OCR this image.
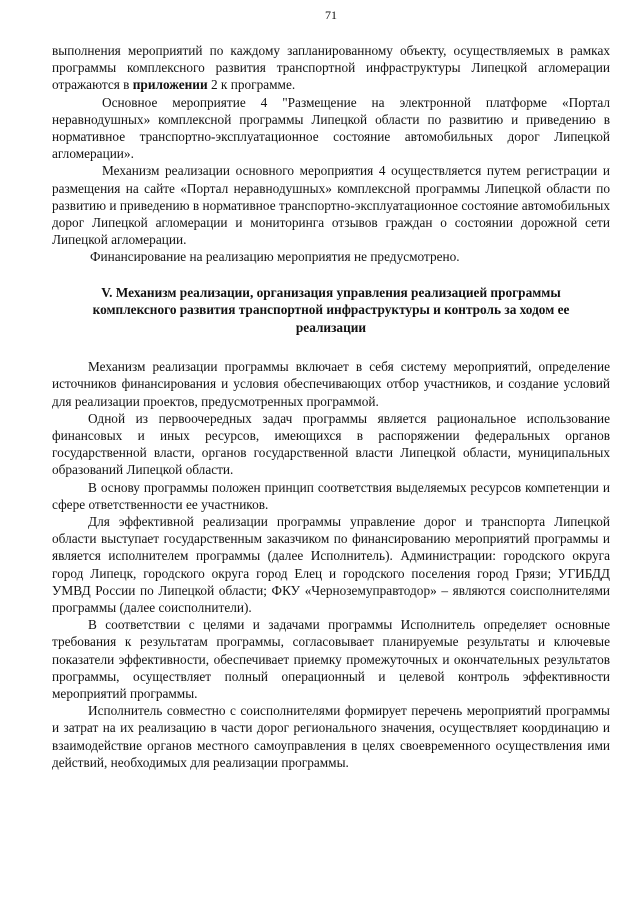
71

выполнения мероприятий по каждому запланированному объекту, осуществляемых в рамках программы комплексного развития транспортной инфраструктуры Липецкой агломерации отражаются в приложении 2 к программе.

Основное мероприятие 4 "Размещение на электронной платформе «Портал неравнодушных» комплексной программы Липецкой области по развитию и приведению в нормативное транспортно-эксплуатационное состояние автомобильных дорог Липецкой агломерации».

Механизм реализации основного мероприятия 4 осуществляется путем регистрации и размещения на сайте «Портал неравнодушных» комплексной программы Липецкой области по развитию и приведению в нормативное транспортно-эксплуатационное состояние автомобильных дорог Липецкой агломерации и мониторинга отзывов граждан о состоянии дорожной сети Липецкой агломерации.

Финансирование на реализацию мероприятия не предусмотрено.

V. Механизм реализации, организация управления реализацией программы комплексного развития транспортной инфраструктуры и контроль за ходом ее реализации

Механизм реализации программы включает в себя систему мероприятий, определение источников финансирования и условия обеспечивающих отбор участников, и создание условий для реализации проектов, предусмотренных программой.

Одной из первоочередных задач программы является рациональное использование финансовых и иных ресурсов, имеющихся в распоряжении федеральных органов государственной власти, органов государственной власти Липецкой области, муниципальных образований Липецкой области.

В основу программы положен принцип соответствия выделяемых ресурсов компетенции и сфере ответственности ее участников.

Для эффективной реализации программы управление дорог и транспорта Липецкой области выступает государственным заказчиком по финансированию мероприятий программы и является исполнителем программы (далее Исполнитель). Администрации: городского округа город Липецк, городского округа город Елец и городского поселения город Грязи; УГИБДД УМВД России по Липецкой области; ФКУ «Черноземуправтодор» – являются соисполнителями программы (далее соисполнители).

В соответствии с целями и задачами программы Исполнитель определяет основные требования к результатам программы, согласовывает планируемые результаты и ключевые показатели эффективности, обеспечивает приемку промежуточных и окончательных результатов программы, осуществляет полный операционный и целевой контроль эффективности мероприятий программы.

Исполнитель совместно с соисполнителями формирует перечень мероприятий программы и затрат на их реализацию в части дорог регионального значения, осуществляет координацию и взаимодействие органов местного самоуправления в целях своевременного осуществления ими действий, необходимых для реализации программы.
